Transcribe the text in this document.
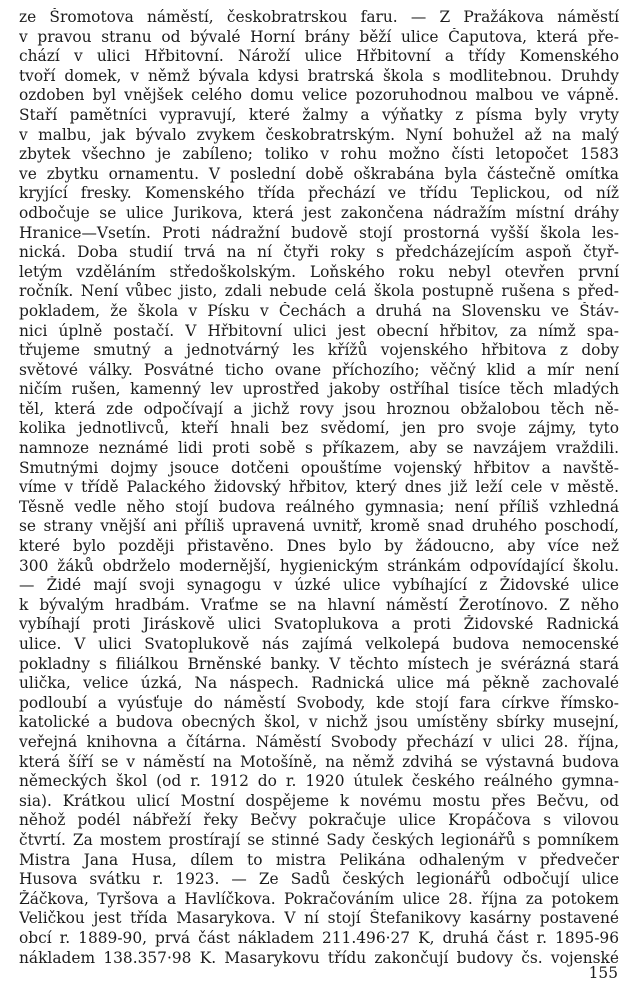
ze Šromotova náměstí, českobratrskou faru. — Z Pražákova náměstí
v pravou stranu od bývalé Horní brány běží ulice Čaputova, která pře-
chází v ulici Hřbitovní. Nároží ulice Hřbitovní a třídy Komenského
tvoří domek, v němž bývala kdysi bratrská škola s modlitebnou. Druhdy
ozdoben byl vnějšek celého domu velice pozoruhodnou malbou ve vápně.
Staří pamětníci vypravují, které žalmy a výňatky z písma byly vryty
v malbu, jak bývalo zvykem českobratrským. Nyní bohužel až na malý
zbytek všechno je zabíleno; toliko v rohu možno čísti letopočet 1583
ve zbytku ornamentu. V poslední době oškrabána byla částečně omítka
kryjící fresky. Komenského třída přechází ve třídu Teplickou, od níž
odbočuje se ulice Jurikova, která jest zakončena nádražím místní dráhy
Hranice—Vsetín. Proti nádražní budově stojí prostorná vyšší škola les-
nická. Doba studií trvá na ní čtyři roky s předcházejícím aspoň čtyř-
letým vzděláním středoškolským. Loňského roku nebyl otevřen první
ročník. Není vůbec jisto, zdali nebude celá škola postupně rušena s před-
pokladem, že škola v Písku v Čechách a druhá na Slovensku ve Štáv-
nici úplně postačí. V Hřbitovní ulici jest obecní hřbitov, za nímž spa-
třujeme smutný a jednotvárný les křížů vojenského hřbitova z doby
světové války. Posvátné ticho ovane příchozího; věčný klid a mír není
ničím rušen, kamenný lev uprostřed jakoby ostříhal tisíce těch mladých
těl, která zde odpočívají a jichž rovy jsou hroznou obžalobou těch ně-
kolika jednotlivců, kteří hnali bez svědomí, jen pro svoje zájmy, tyto
namnoze neznámé lidi proti sobě s příkazem, aby se navzájem vraždili.
Smutnými dojmy jsouce dotčeni opouštíme vojenský hřbitov a navště-
víme v třídě Palackého židovský hřbitov, který dnes již leží cele v městě.
Těsně vedle něho stojí budova reálného gymnasia; není příliš vzhledná
se strany vnější ani příliš upravená uvnitř, kromě snad druhého poschodí,
které bylo později přistavěno. Dnes bylo by žádoucno, aby více než
300 žáků obdrželo modernější, hygienickým stránkám odpovídající školu.
— Židé mají svoji synagogu v úzké ulice vybíhající z Židovské ulice
k bývalým hradbám. Vraťme se na hlavní náměstí Žerotínovo. Z něho
vybíhají proti Jiráskově ulici Svatoplukova a proti Židovské Radnická
ulice. V ulici Svatoplukově nás zajímá velkolepá budova nemocenské
pokladny s filiálkou Brněnské banky. V těchto místech je svérázná stará
ulička, velice úzká, Na náspech. Radnická ulice má pěkně zachovalé
podloubí a vyúsťuje do náměstí Svobody, kde stojí fara církve římsko-
katolické a budova obecných škol, v nichž jsou umístěny sbírky musejní,
veřejná knihovna a čítárna. Náměstí Svobody přechází v ulici 28. října,
která šíří se v náměstí na Motošíně, na němž zdvihá se výstavná budova
německých škol (od r. 1912 do r. 1920 útulek českého reálného gymna-
sia). Krátkou ulicí Mostní dospějeme k novému mostu přes Bečvu, od
něhož podél nábřeží řeky Bečvy pokračuje ulice Kropáčova s vilovou
čtvrtí. Za mostem prostírají se stinné Sady českých legionářů s pomníkem
Mistra Jana Husa, dílem to mistra Pelikána odhaleným v předvečer
Husova svátku r. 1923. — Ze Sadů českých legionářů odbočují ulice
Žáčkova, Tyršova a Havlíčkova. Pokračováním ulice 28. října za potokem
Veličkou jest třída Masarykova. V ní stojí Štefanikovy kasárny postavené
obcí r. 1889-90, prvá část nákladem 211.496·27 K, druhá část r. 1895-96
nákladem 138.357·98 K. Masarykovu třídu zakončují budovy čs. vojenské
155
